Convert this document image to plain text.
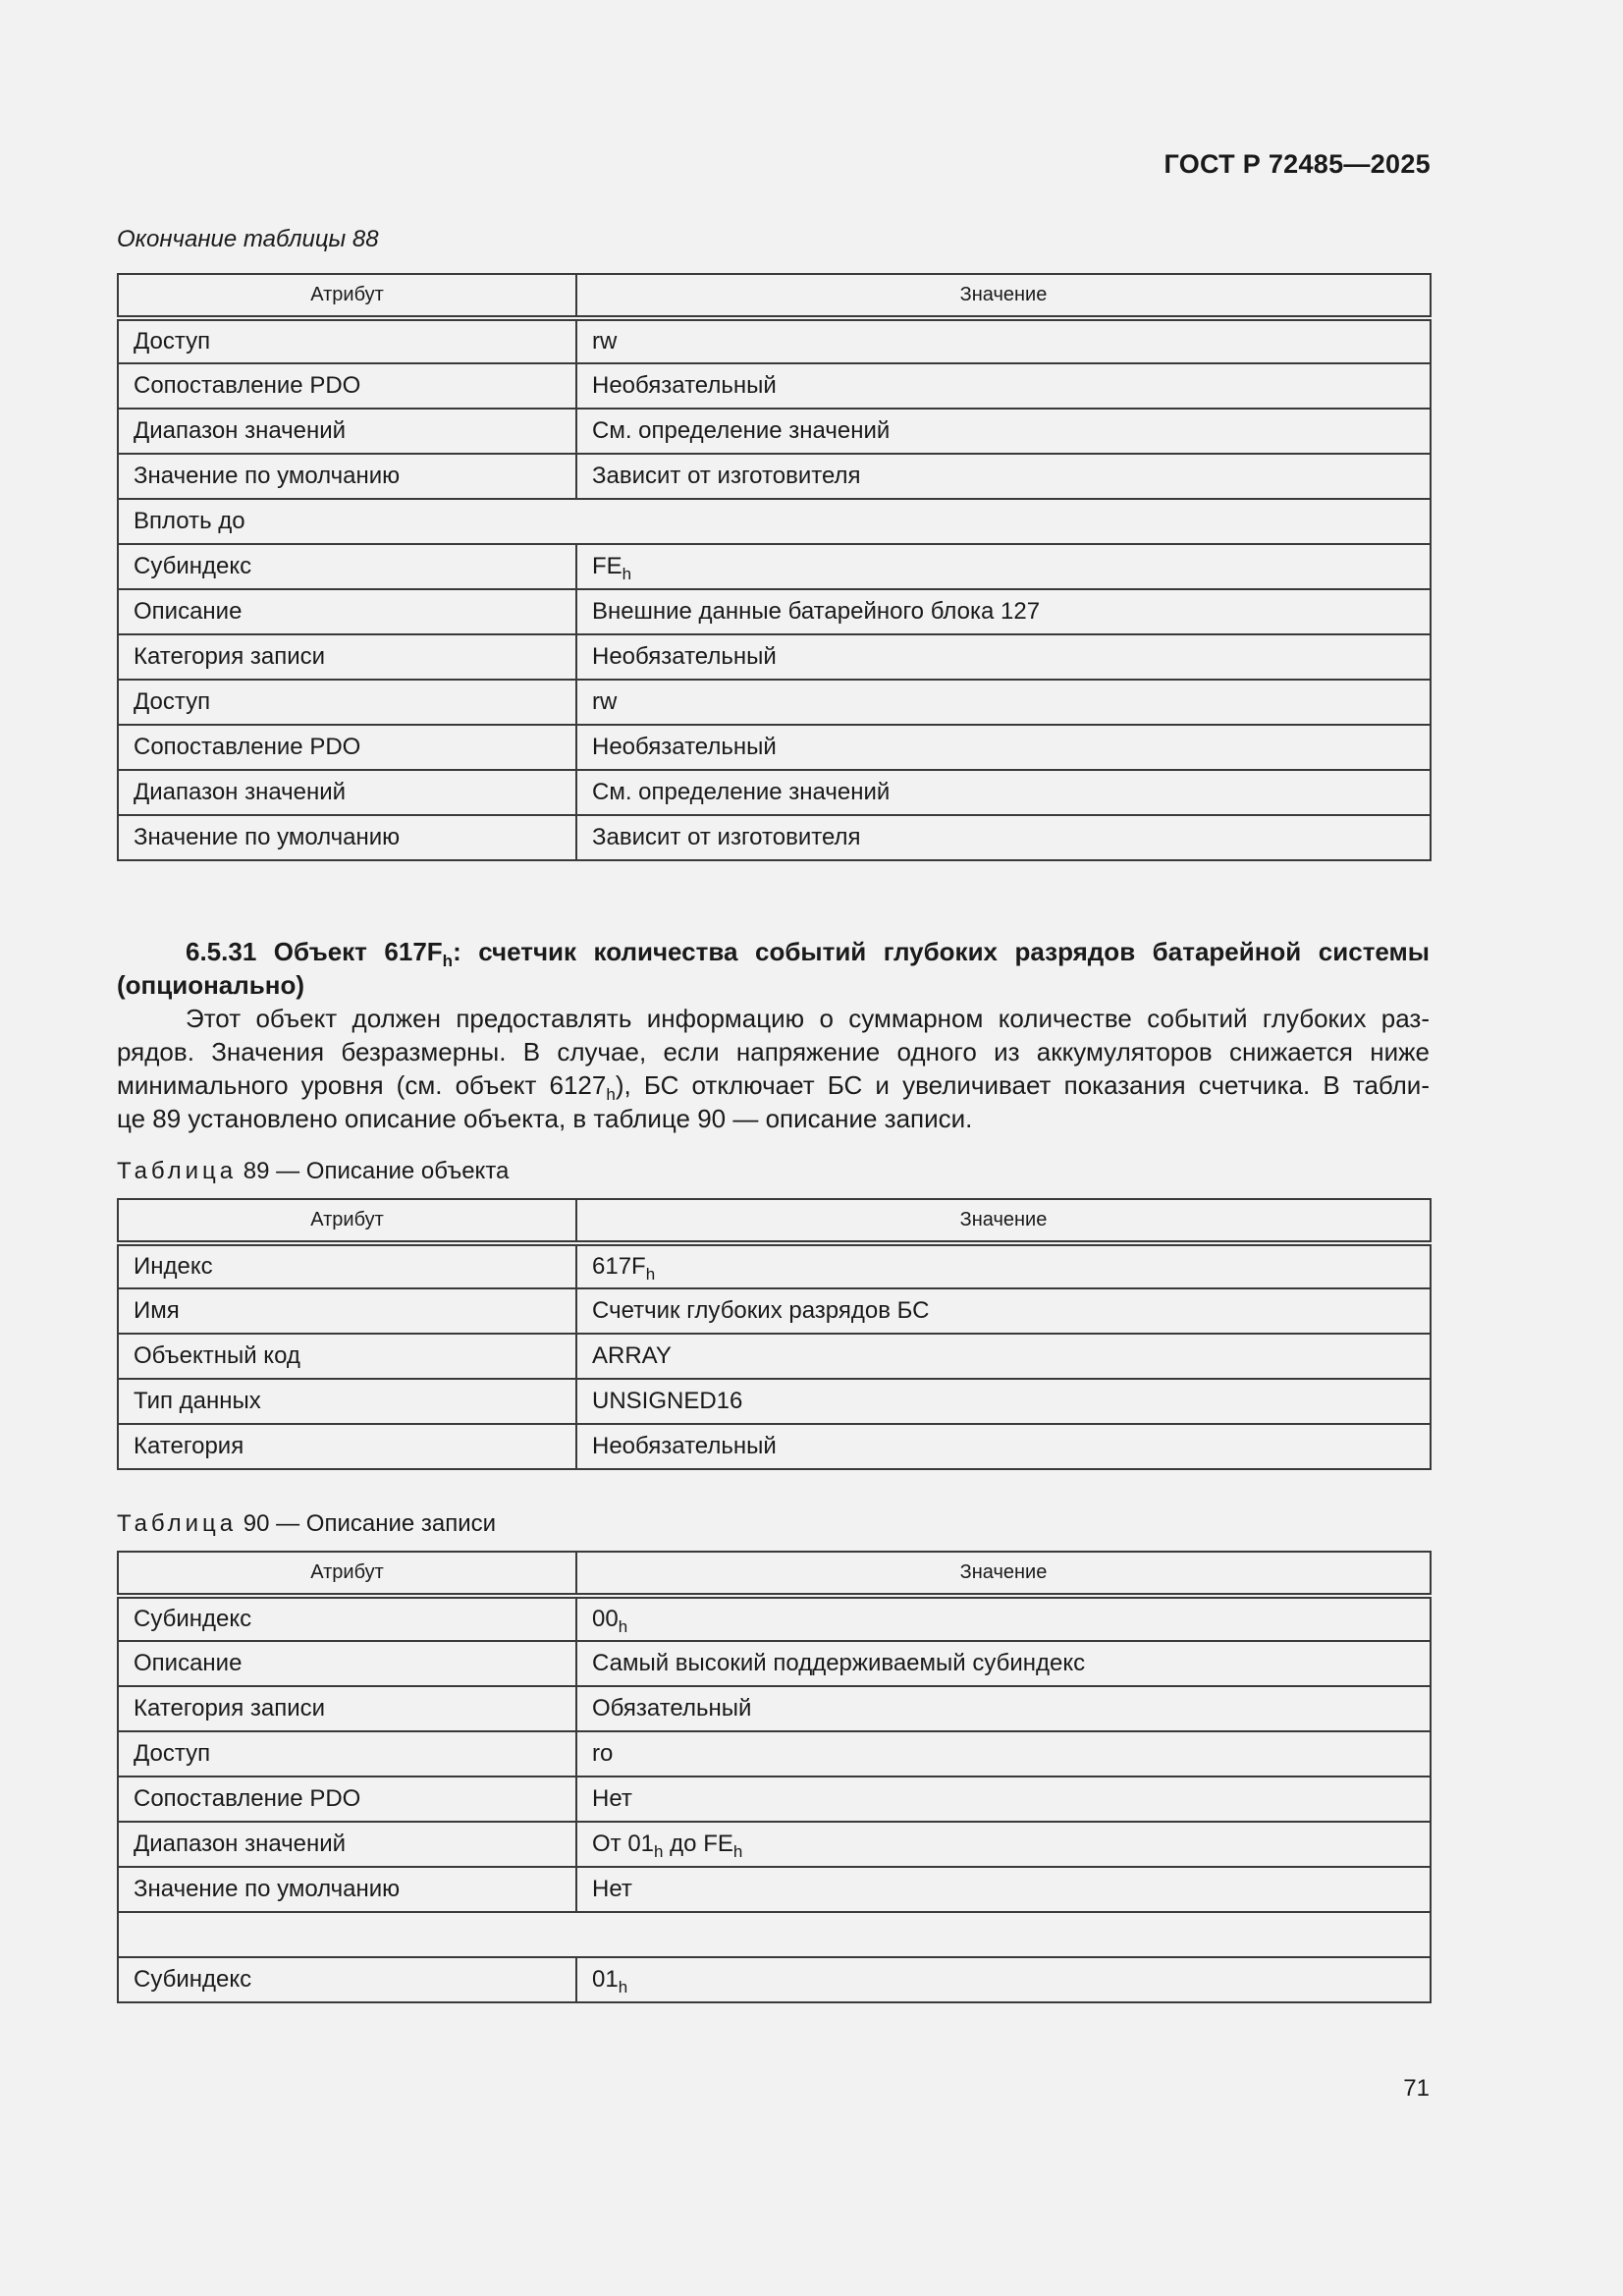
ГОСТ Р 72485—2025
Окончание таблицы 88
Атрибут	Значение
Доступ	rw
Сопоставление PDO	Необязательный
Диапазон значений	См. определение значений
Значение по умолчанию	Зависит от изготовителя
Вплоть до	
Субиндекс	$FE_h$
Описание	Внешние данные батарейного блока 127
Категория записи	Необязательный
Доступ	rw
Сопоставление PDO	Необязательный
Диапазон значений	См. определение значений
Значение по умолчанию	Зависит от изготовителя
6.5.31 Объект $617F_h$: счетчик количества событий глубоких разрядов батарейной системы (опционально)
Этот объект должен предоставлять информацию о суммарном количестве событий глубоких раз-
рядов. Значения безразмерны. В случае, если напряжение одного из аккумуляторов снижается ниже
минимального уровня (см. объект $6127_h$), БС отключает БС и увеличивает показания счетчика. В табли-
це 89 установлено описание объекта, в таблице 90 — описание записи.
Таблица 89 — Описание объекта
Атрибут	Значение
Индекс	$617F_h$
Имя	Счетчик глубоких разрядов БС
Объектный код	ARRAY
Тип данных	UNSIGNED16
Категория	Необязательный
Таблица 90 — Описание записи
Атрибут	Значение
Субиндекс	$00_h$
Описание	Самый высокий поддерживаемый субиндекс
Категория записи	Обязательный
Доступ	ro
Сопоставление PDO	Нет
Диапазон значений	От $01_h$ до $FE_h$
Значение по умолчанию	Нет

Субиндекс	$01_h$
71
